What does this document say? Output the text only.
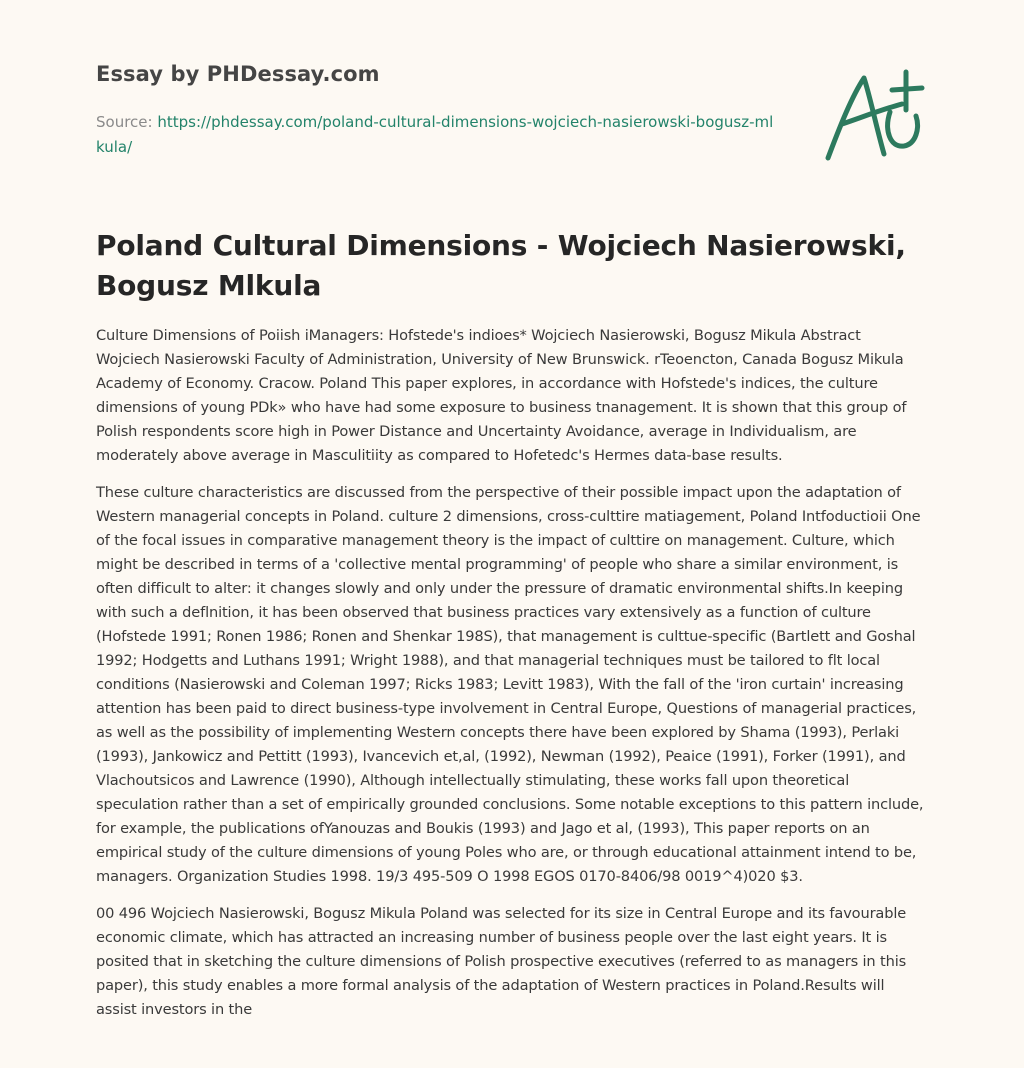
Essay by PHDessay.com
Source: https://phdessay.com/poland-cultural-dimensions-wojciech-nasierowski-bogusz-mlkula/
Poland Cultural Dimensions - Wojciech Nasierowski, Bogusz Mlkula

Culture Dimensions of Poiish iManagers: Hofstede's indioes* Wojciech Nasierowski, Bogusz Mikula Abstract Wojciech Nasierowski Faculty of Administration, University of New Brunswick. rTeoencton, Canada Bogusz Mikula Academy of Economy. Cracow. Poland This paper explores, in accordance with Hofstede's indices, the culture dimensions of young PDk» who have had some exposure to business tnanagement. It is shown that this group of Polish respondents score high in Power Distance and Uncertainty Avoidance, average in Individualism, are moderately above average in Masculitiity as compared to Hofetedc's Hermes data-base results.

These culture characteristics are discussed from the perspective of their possible impact upon the adaptation of Western managerial concepts in Poland. culture 2 dimensions, cross-culttire matiagement, Poland Intfoductioii One of the focal issues in comparative management theory is the impact of culttire on management. Culture, which might be described in terms of a 'collective mental programming' of people who share a similar environment, is often difficult to alter: it changes slowly and only under the pressure of dramatic environmental shifts.In keeping with such a deflnition, it has been observed that business practices vary extensively as a function of culture (Hofstede 1991; Ronen 1986; Ronen and Shenkar 198S), that management is culttue-specific (Bartlett and Goshal 1992; Hodgetts and Luthans 1991; Wright 1988), and that managerial techniques must be tailored to flt local conditions (Nasierowski and Coleman 1997; Ricks 1983; Levitt 1983), With the fall of the 'iron curtain' increasing attention has been paid to direct business-type involvement in Central Europe, Questions of managerial practices, as well as the possibility of implementing Western concepts there have been explored by Shama (1993), Perlaki (1993), Jankowicz and Pettitt (1993), Ivancevich et,al, (1992), Newman (1992), Peaice (1991), Forker (1991), and Vlachoutsicos and Lawrence (1990), Although intellectually stimulating, these works fall upon theoretical speculation rather than a set of empirically grounded conclusions. Some notable exceptions to this pattern include, for example, the publications ofYanouzas and Boukis (1993) and Jago et al, (1993), This paper reports on an empirical study of the culture dimensions of young Poles who are, or through educational attainment intend to be, managers. Organization Studies 1998. 19/3 495-509 O 1998 EGOS 0170-8406/98 0019^4)020 $3.

00 496 Wojciech Nasierowski, Bogusz Mikula Poland was selected for its size in Central Europe and its favourable economic climate, which has attracted an increasing number of business people over the last eight years. It is posited that in sketching the culture dimensions of Polish prospective executives (referred to as managers in this paper), this study enables a more formal analysis of the adaptation of Western practices in Poland.Results will assist investors in the
